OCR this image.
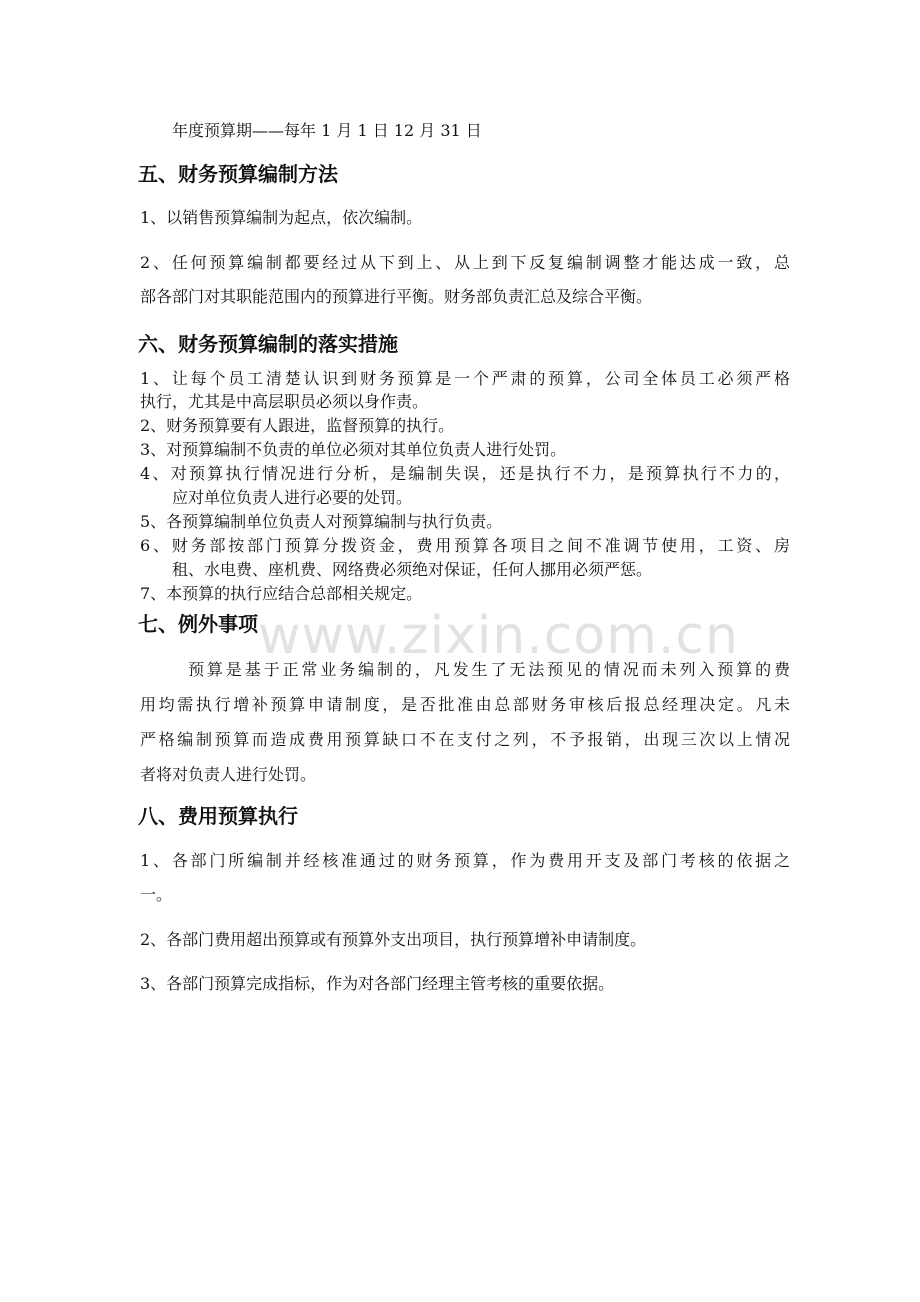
年度预算期——每年 1 月 1 日 12 月 31 日
五、财务预算编制方法
1、以销售预算编制为起点，依次编制。
2、任何预算编制都要经过从下到上、从上到下反复编制调整才能达成一致，总
部各部门对其职能范围内的预算进行平衡。财务部负责汇总及综合平衡。
六、财务预算编制的落实措施
1、让每个员工清楚认识到财务预算是一个严肃的预算，公司全体员工必须严格
执行，尤其是中高层职员必须以身作责。
2、财务预算要有人跟进，监督预算的执行。
3、对预算编制不负责的单位必须对其单位负责人进行处罚。
4、对预算执行情况进行分析，是编制失误，还是执行不力，是预算执行不力的，
应对单位负责人进行必要的处罚。
5、各预算编制单位负责人对预算编制与执行负责。
6、财务部按部门预算分拨资金，费用预算各项目之间不准调节使用，工资、房
租、水电费、座机费、网络费必须绝对保证，任何人挪用必须严惩。
7、本预算的执行应结合总部相关规定。
www.zixin.com.cn
七、例外事项
预算是基于正常业务编制的，凡发生了无法预见的情况而未列入预算的费
用均需执行增补预算申请制度，是否批准由总部财务审核后报总经理决定。凡未
严格编制预算而造成费用预算缺口不在支付之列，不予报销，出现三次以上情况
者将对负责人进行处罚。
八、费用预算执行
1、各部门所编制并经核准通过的财务预算，作为费用开支及部门考核的依据之
一。
2、各部门费用超出预算或有预算外支出项目，执行预算增补申请制度。
3、各部门预算完成指标，作为对各部门经理主管考核的重要依据。
